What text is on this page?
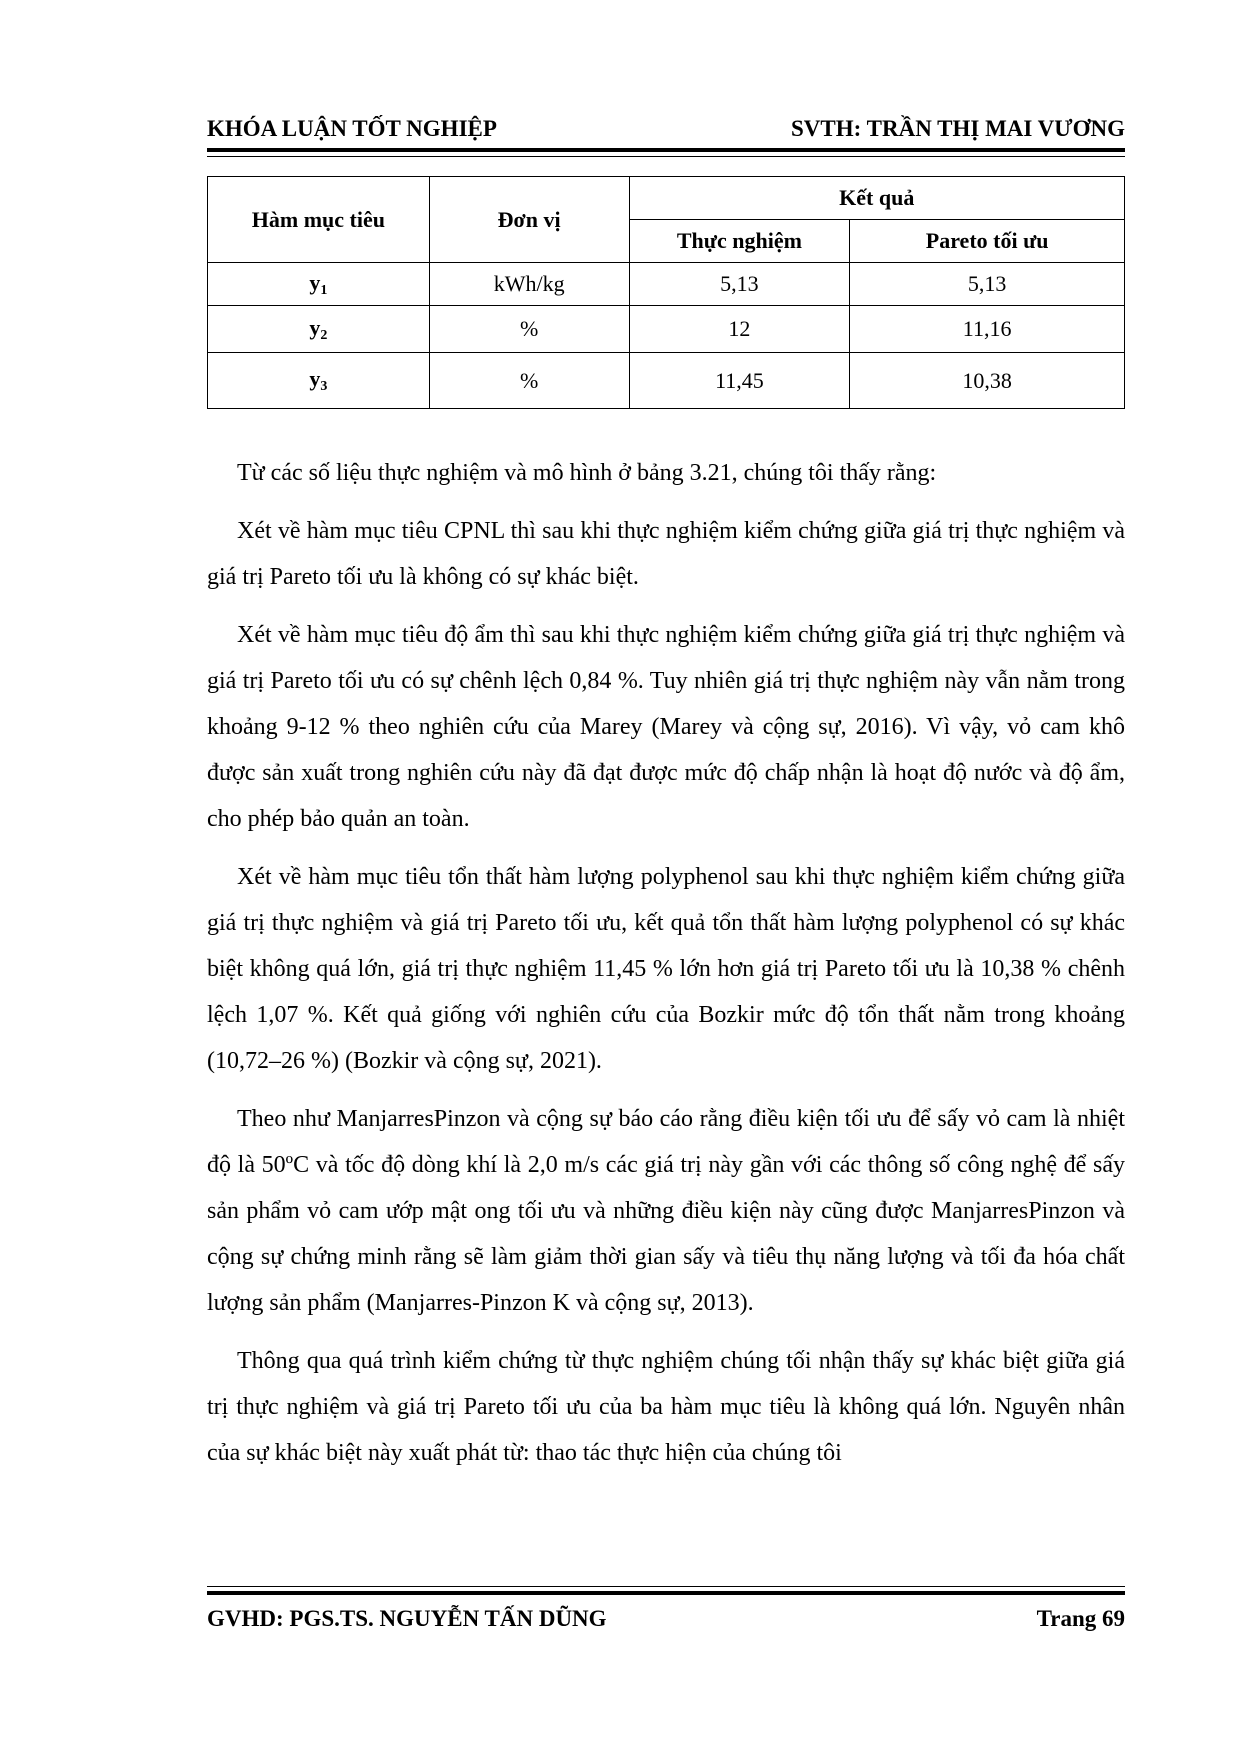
KHÓA LUẬN TỐT NGHIỆP	SVTH: TRẦN THỊ MAI VƯƠNG
Hàm mục tiêu	Đơn vị	Kết quả	
		Thực nghiệm	Pareto tối ưu
$y_1$	kWh/kg	5,13	5,13
$y_2$	%	12	11,16
$y_3$	%	11,45	10,38

Từ các số liệu thực nghiệm và mô hình ở bảng 3.21, chúng tôi thấy rằng:

Xét về hàm mục tiêu CPNL thì sau khi thực nghiệm kiểm chứng giữa giá trị thực nghiệm và giá trị Pareto tối ưu là không có sự khác biệt.

Xét về hàm mục tiêu độ ẩm thì sau khi thực nghiệm kiểm chứng giữa giá trị thực nghiệm và giá trị Pareto tối ưu có sự chênh lệch 0,84 %. Tuy nhiên giá trị thực nghiệm này vẫn nằm trong khoảng 9-12 % theo nghiên cứu của Marey (Marey và cộng sự, 2016). Vì vậy, vỏ cam khô được sản xuất trong nghiên cứu này đã đạt được mức độ chấp nhận là hoạt độ nước và độ ẩm, cho phép bảo quản an toàn.

Xét về hàm mục tiêu tổn thất hàm lượng polyphenol sau khi thực nghiệm kiểm chứng giữa giá trị thực nghiệm và giá trị Pareto tối ưu, kết quả tổn thất hàm lượng polyphenol có sự khác biệt không quá lớn, giá trị thực nghiệm 11,45 % lớn hơn giá trị Pareto tối ưu là 10,38 % chênh lệch 1,07 %. Kết quả giống với nghiên cứu của Bozkir mức độ tổn thất nằm trong khoảng (10,72–26 %) (Bozkir và cộng sự, 2021).

Theo như ManjarresPinzon và cộng sự báo cáo rằng điều kiện tối ưu để sấy vỏ cam là nhiệt độ là 50ºC và tốc độ dòng khí là 2,0 m/s các giá trị này gần với các thông số công nghệ để sấy sản phẩm vỏ cam ướp mật ong tối ưu và những điều kiện này cũng được ManjarresPinzon và cộng sự chứng minh rằng sẽ làm giảm thời gian sấy và tiêu thụ năng lượng và tối đa hóa chất lượng sản phẩm (Manjarres-Pinzon K và cộng sự, 2013).

Thông qua quá trình kiểm chứng từ thực nghiệm chúng tối nhận thấy sự khác biệt giữa giá trị thực nghiệm và giá trị Pareto tối ưu của ba hàm mục tiêu là không quá lớn. Nguyên nhân của sự khác biệt này xuất phát từ: thao tác thực hiện của chúng tôi

GVHD: PGS.TS. NGUYỄN TẤN DŨNG	Trang 69
